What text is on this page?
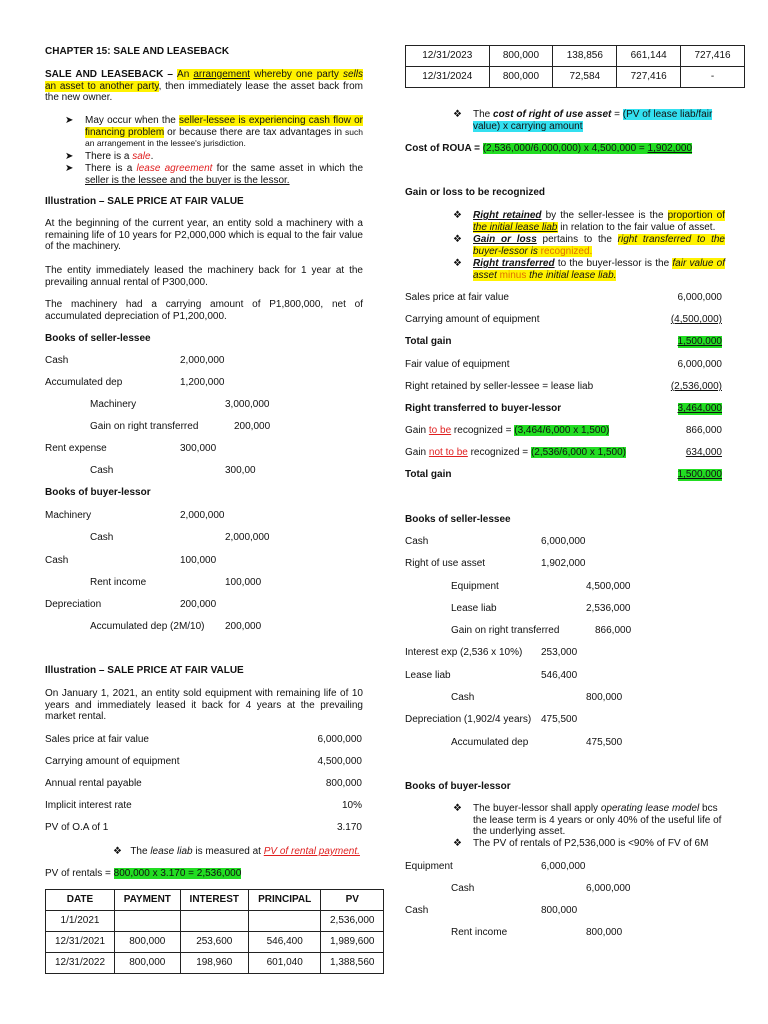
CHAPTER 15: SALE AND LEASEBACK
SALE AND LEASEBACK – An arrangement whereby one party sells an asset to another party, then immediately lease the asset back from the new owner.
➤	May occur when the seller-lessee is experiencing cash flow or financing problem or because there are tax advantages in such an arrangement in the lessee's jurisdiction.
➤	There is a sale.
➤	There is a lease agreement for the same asset in which the seller is the lessee and the buyer is the lessor.
Illustration – SALE PRICE AT FAIR VALUE
At the beginning of the current year, an entity sold a machinery with a remaining life of 10 years for P2,000,000 which is equal to the fair value of the machinery.
The entity immediately leased the machinery back for 1 year at the prevailing annual rental of P300,000.
The machinery had a carrying amount of P1,800,000, net of accumulated depreciation of P1,200,000.
Books of seller-lessee
Cash	2,000,000
Accumulated dep	1,200,000
Machinery	3,000,000
Gain on right transferred	200,000
Rent expense	300,000
Cash	300,00
Books of buyer-lessor
Machinery	2,000,000
Cash	2,000,000
Cash	100,000
Rent income	100,000
Depreciation	200,000
Accumulated dep (2M/10) 200,000
Illustration – SALE PRICE AT FAIR VALUE
On January 1, 2021, an entity sold equipment with remaining life of 10 years and immediately leased it back for 4 years at the prevailing market rental.
Sales price at fair value	6,000,000
Carrying amount of equipment	4,500,000
Annual rental payable	800,000
Implicit interest rate	10%
PV of O.A of 1	3.170
❖ The lease liab is measured at PV of rental payment.
PV of rentals = 800,000 x 3.170 = 2,536,000
DATE	PAYMENT	INTEREST	PRINCIPAL	PV
1/1/2021				2,536,000
12/31/2021	800,000	253,600	546,400	1,989,600
12/31/2022	800,000	198,960	601,040	1,388,560
12/31/2023	800,000	138,856	661,144	727,416
12/31/2024	800,000	72,584	727,416	-
❖	The cost of right of use asset = (PV of lease liab/fair value) x carrying amount
Cost of ROUA = (2,536,000/6,000,000) x 4,500,000 = 1,902,000
Gain or loss to be recognized
❖	Right retained by the seller-lessee is the proportion of the initial lease liab in relation to the fair value of asset.
❖	Gain or loss pertains to the right transferred to the buyer-lessor is recognized.
❖	Right transferred to the buyer-lessor is the fair value of asset minus the initial lease liab.
Sales price at fair value	6,000,000
Carrying amount of equipment	(4,500,000)
Total gain	1,500,000
Fair value of equipment	6,000,000
Right retained by seller-lessee = lease liab	(2,536,000)
Right transferred to buyer-lessor	3,464,000
Gain to be recognized = (3,464/6,000 x 1,500)	866,000
Gain not to be recognized = (2,536/6,000 x 1,500)	634,000
Total gain	1,500,000
Books of seller-lessee
Cash	6,000,000
Right of use asset	1,902,000
Equipment	4,500,000
Lease liab	2,536,000
Gain on right transferred	866,000
Interest exp (2,536 x 10%) 253,000
Lease liab	546,400
Cash	800,000
Depreciation (1,902/4 years) 475,500
Accumulated dep	475,500
Books of buyer-lessor
❖	The buyer-lessor shall apply operating lease model bcs the lease term is 4 years or only 40% of the useful life of the underlying asset.
❖	The PV of rentals of P2,536,000 is <90% of FV of 6M
Equipment	6,000,000
Cash	6,000,000
Cash	800,000
Rent income	800,000
